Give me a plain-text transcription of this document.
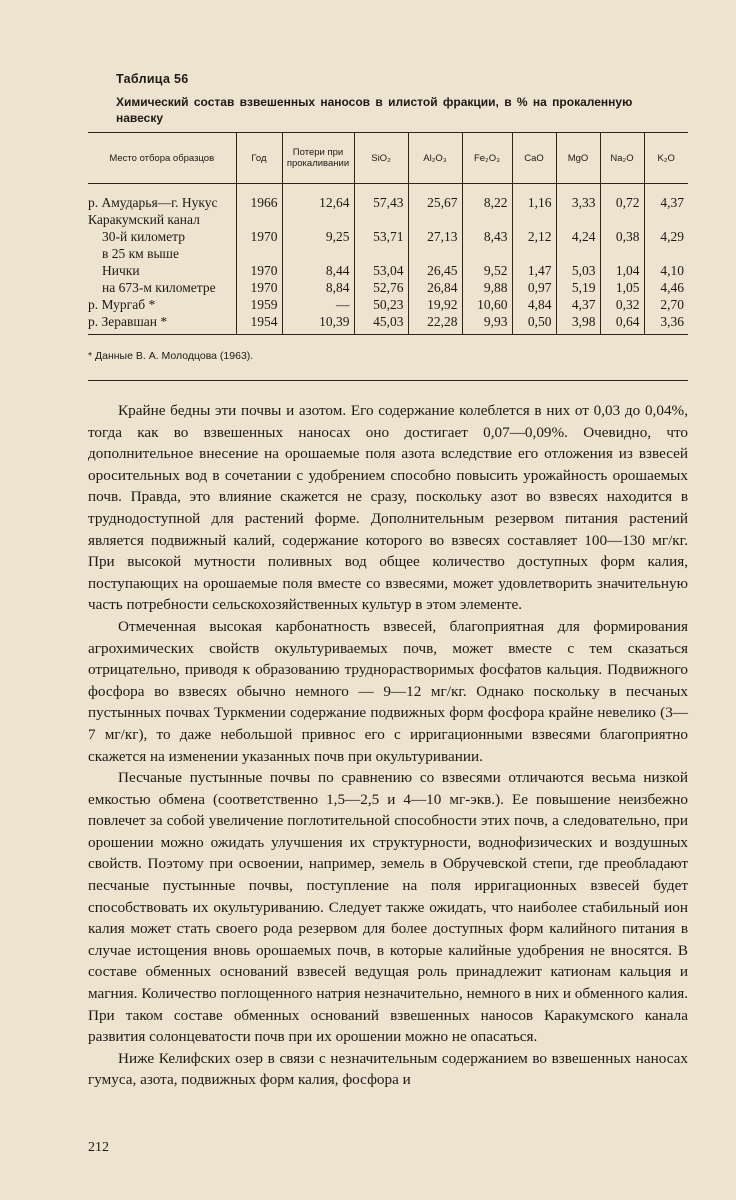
Таблица 56
Химический состав взвешенных наносов в илистой фракции, в % на прокаленную навеску
Место отбора образцов	Год	Потери при прокаливании	SiO₂	Al₂O₃	Fe₂O₃	CaO	MgO	Na₂O	K₂O
р. Амударья—г. Нукус	1966	12,64	57,43	25,67	8,22	1,16	3,33	0,72	4,37
Каракумский канал									
30-й километр	1970	9,25	53,71	27,13	8,43	2,12	4,24	0,38	4,29
в 25 км выше									
Нички	1970	8,44	53,04	26,45	9,52	1,47	5,03	1,04	4,10
на 673-м километре	1970	8,84	52,76	26,84	9,88	0,97	5,19	1,05	4,46
р. Мургаб *	1959	—	50,23	19,92	10,60	4,84	4,37	0,32	2,70
р. Зеравшан *	1954	10,39	45,03	22,28	9,93	0,50	3,98	0,64	3,36
* Данные В. А. Молодцова (1963).

Крайне бедны эти почвы и азотом. Его содержание колеблется в них от 0,03 до 0,04%, тогда как во взвешенных наносах оно достигает 0,07—0,09%. Очевидно, что дополнительное внесение на орошаемые поля азота вследствие его отложения из взвесей оросительных вод в сочетании с удобрением способно повысить урожайность орошаемых почв. Правда, это влияние скажется не сразу, поскольку азот во взвесях находится в труднодоступной для растений форме. Дополнительным резервом питания растений является подвижный калий, содержание которого во взвесях составляет 100—130 мг/кг. При высокой мутности поливных вод общее количество доступных форм калия, поступающих на орошаемые поля вместе со взвесями, может удовлетворить значительную часть потребности сельскохозяйственных культур в этом элементе.

Отмеченная высокая карбонатность взвесей, благоприятная для формирования агрохимических свойств окультуриваемых почв, может вместе с тем сказаться отрицательно, приводя к образованию труднорастворимых фосфатов кальция. Подвижного фосфора во взвесях обычно немного — 9—12 мг/кг. Однако поскольку в песчаных пустынных почвах Туркмении содержание подвижных форм фосфора крайне невелико (3—7 мг/кг), то даже небольшой привнос его с ирригационными взвесями благоприятно скажется на изменении указанных почв при окультуривании.

Песчаные пустынные почвы по сравнению со взвесями отличаются весьма низкой емкостью обмена (соответственно 1,5—2,5 и 4—10 мг-экв.). Ее повышение неизбежно повлечет за собой увеличение поглотительной способности этих почв, а следовательно, при орошении можно ожидать улучшения их структурности, воднофизических и воздушных свойств. Поэтому при освоении, например, земель в Обручевской степи, где преобладают песчаные пустынные почвы, поступление на поля ирригационных взвесей будет способствовать их окультуриванию. Следует также ожидать, что наиболее стабильный ион калия может стать своего рода резервом для более доступных форм калийного питания в случае истощения вновь орошаемых почв, в которые калийные удобрения не вносятся. В составе обменных оснований взвесей ведущая роль принадлежит катионам кальция и магния. Количество поглощенного натрия незначительно, немного в них и обменного калия. При таком составе обменных оснований взвешенных наносов Каракумского канала развития солонцеватости почв при их орошении можно не опасаться.

Ниже Келифских озер в связи с незначительным содержанием во взвешенных наносах гумуса, азота, подвижных форм калия, фосфора и

212
